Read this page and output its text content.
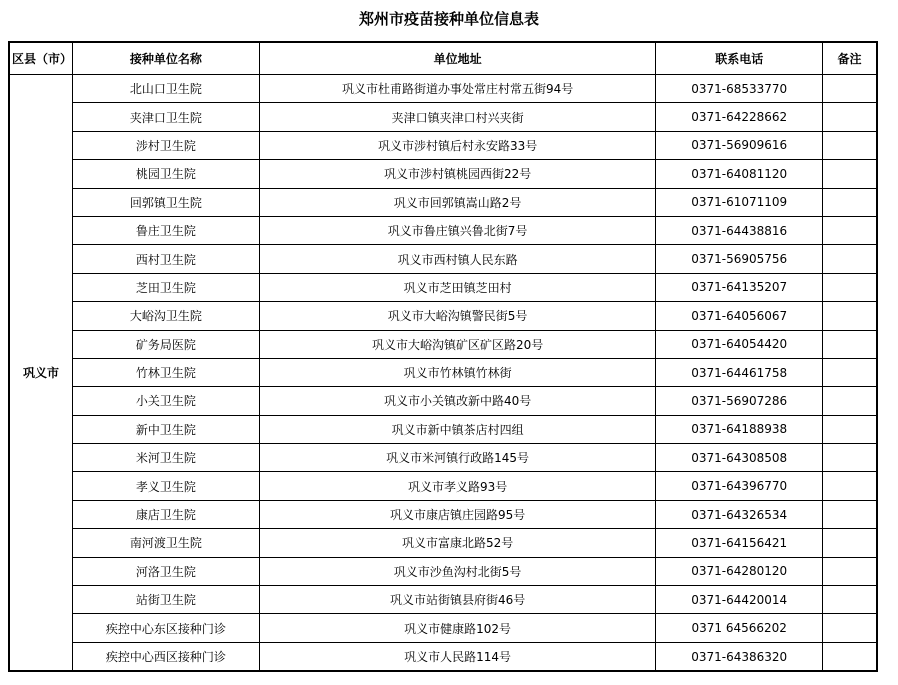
郑州市疫苗接种单位信息表
区县（市）	接种单位名称	单位地址	联系电话	备注
巩义市	北山口卫生院	巩义市杜甫路街道办事处常庄村常五街94号	0371-68533770	
	夹津口卫生院	夹津口镇夹津口村兴夹街	0371-64228662	
	涉村卫生院	巩义市涉村镇后村永安路33号	0371-56909616	
	桃园卫生院	巩义市涉村镇桃园西街22号	0371-64081120	
	回郭镇卫生院	巩义市回郭镇嵩山路2号	0371-61071109	
	鲁庄卫生院	巩义市鲁庄镇兴鲁北街7号	0371-64438816	
	西村卫生院	巩义市西村镇人民东路	0371-56905756	
	芝田卫生院	巩义市芝田镇芝田村	0371-64135207	
	大峪沟卫生院	巩义市大峪沟镇警民街5号	0371-64056067	
	矿务局医院	巩义市大峪沟镇矿区矿区路20号	0371-64054420	
	竹林卫生院	巩义市竹林镇竹林街	0371-64461758	
	小关卫生院	巩义市小关镇改新中路40号	0371-56907286	
	新中卫生院	巩义市新中镇茶店村四组	0371-64188938	
	米河卫生院	巩义市米河镇行政路145号	0371-64308508	
	孝义卫生院	巩义市孝义路93号	0371-64396770	
	康店卫生院	巩义市康店镇庄园路95号	0371-64326534	
	南河渡卫生院	巩义市富康北路52号	0371-64156421	
	河洛卫生院	巩义市沙鱼沟村北街5号	0371-64280120	
	站街卫生院	巩义市站街镇县府街46号	0371-64420014	
	疾控中心东区接种门诊	巩义市健康路102号	0371 64566202	
	疾控中心西区接种门诊	巩义市人民路114号	0371-64386320	
